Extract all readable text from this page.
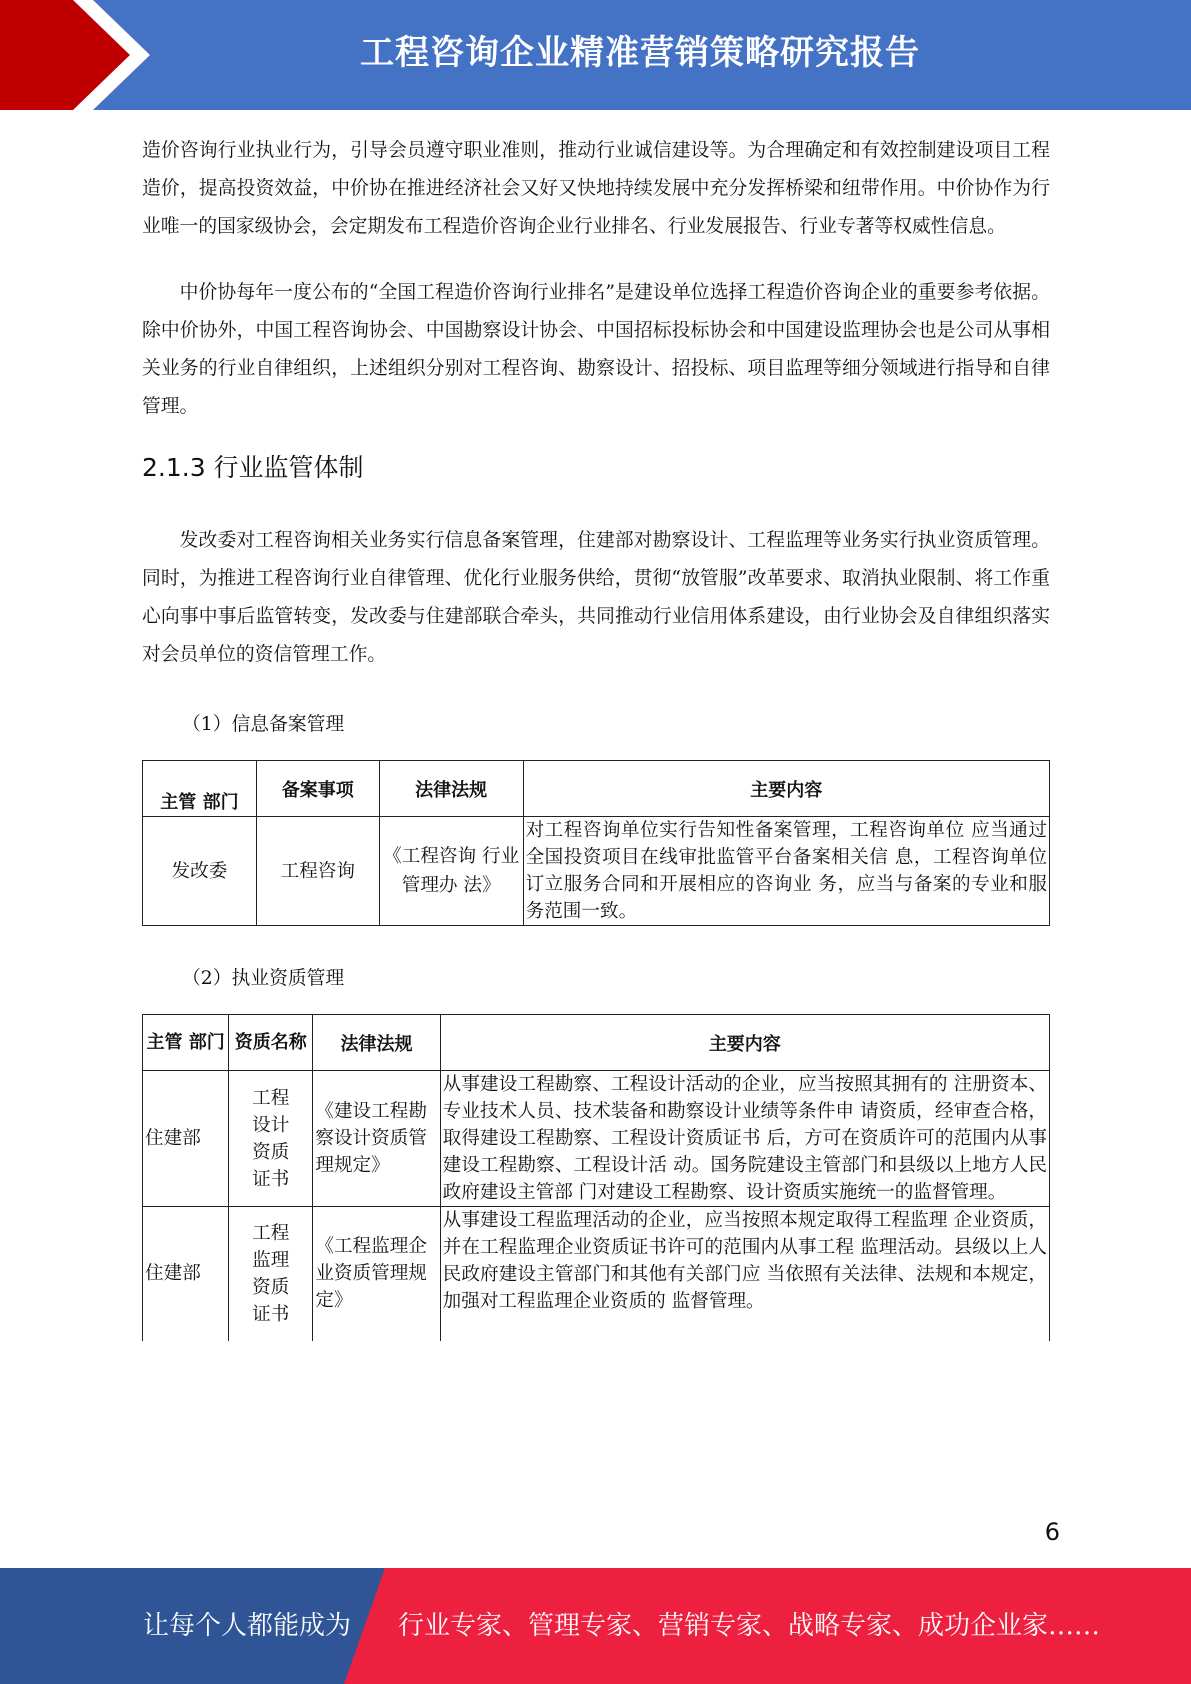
工程咨询企业精准营销策略研究报告

造价咨询行业执业行为，引导会员遵守职业准则，推动行业诚信建设等。为合理确定和有效控制建设项目工程造价，提高投资效益，中价协在推进经济社会又好又快地持续发展中充分发挥桥梁和纽带作用。中价协作为行业唯一的国家级协会，会定期发布工程造价咨询企业行业排名、行业发展报告、行业专著等权威性信息。

中价协每年一度公布的“全国工程造价咨询行业排名”是建设单位选择工程造价咨询企业的重要参考依据。除中价协外，中国工程咨询协会、中国勘察设计协会、中国招标投标协会和中国建设监理协会也是公司从事相关业务的行业自律组织，上述组织分别对工程咨询、勘察设计、招投标、项目监理等细分领域进行指导和自律管理。

2.1.3 行业监管体制

发改委对工程咨询相关业务实行信息备案管理，住建部对勘察设计、工程监理等业务实行执业资质管理。同时，为推进工程咨询行业自律管理、优化行业服务供给，贯彻“放管服”改革要求、取消执业限制、将工作重心向事中事后监管转变，发改委与住建部联合牵头，共同推动行业信用体系建设，由行业协会及自律组织落实对会员单位的资信管理工作。

（1）信息备案管理

主管 部门	备案事项	法律法规	主要内容
发改委	工程咨询	《工程咨询 行业管理办 法》	对工程咨询单位实行告知性备案管理，工程咨询单位 应当通过全国投资项目在线审批监管平台备案相关信 息，工程咨询单位订立服务合同和开展相应的咨询业 务，应当与备案的专业和服务范围一致。

（2）执业资质管理

主管 部门	资质名称	法律法规	主要内容
住建部	工程设计资质证书	《建设工程勘察设计资质管理规定》	从事建设工程勘察、工程设计活动的企业，应当按照其拥有的 注册资本、专业技术人员、技术装备和勘察设计业绩等条件申 请资质，经审查合格，取得建设工程勘察、工程设计资质证书 后，方可在资质许可的范围内从事建设工程勘察、工程设计活 动。国务院建设主管部门和县级以上地方人民政府建设主管部 门对建设工程勘察、设计资质实施统一的监督管理。
住建部	工程监理资质证书	《工程监理企业资质管理规定》	从事建设工程监理活动的企业，应当按照本规定取得工程监理 企业资质，并在工程监理企业资质证书许可的范围内从事工程 监理活动。县级以上人民政府建设主管部门和其他有关部门应 当依照有关法律、法规和本规定，加强对工程监理企业资质的 监督管理。
6
让每个人都能成为 行业专家、管理专家、营销专家、战略专家、成功企业家……
